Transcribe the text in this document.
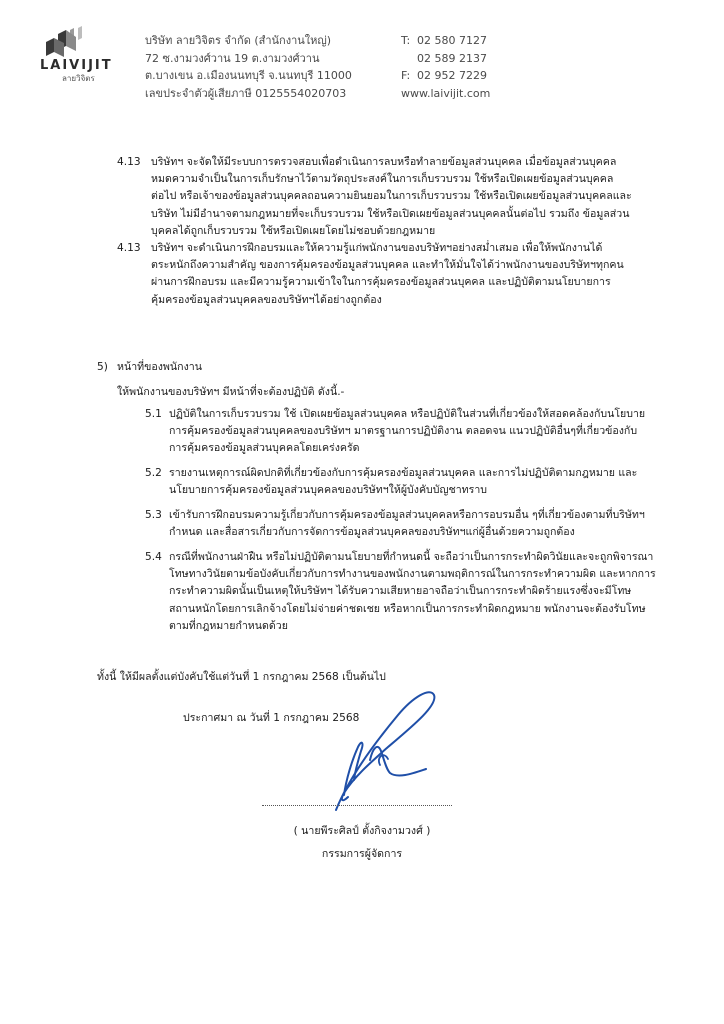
LAIVIJIT
ลายวิจิตร
บริษัท ลายวิจิตร จำกัด (สำนักงานใหญ่)
72 ซ.งามวงศ์วาน 19 ต.งามวงศ์วาน
ต.บางเขน อ.เมืองนนทบุรี จ.นนทบุรี 11000
เลขประจำตัวผู้เสียภาษี 0125554020703
T: 02 580 7127
02 589 2137
F: 02 952 7229
www.laivijit.com
4.13 บริษัทฯ จะจัดให้มีระบบการตรวจสอบเพื่อดำเนินการลบหรือทำลายข้อมูลส่วนบุคคล เมื่อข้อมูลส่วนบุคคล
หมดความจำเป็นในการเก็บรักษาไว้ตามวัตถุประสงค์ในการเก็บรวบรวม ใช้หรือเปิดเผยข้อมูลส่วนบุคคล
ต่อไป หรือเจ้าของข้อมูลส่วนบุคคลถอนความยินยอมในการเก็บรวบรวม ใช้หรือเปิดเผยข้อมูลส่วนบุคคลและ
บริษัท ไม่มีอำนาจตามกฎหมายที่จะเก็บรวบรวม ใช้หรือเปิดเผยข้อมูลส่วนบุคคลนั้นต่อไป รวมถึง ข้อมูลส่วน
บุคคลได้ถูกเก็บรวบรวม ใช้หรือเปิดเผยโดยไม่ชอบด้วยกฎหมาย
4.13 บริษัทฯ จะดำเนินการฝึกอบรมและให้ความรู้แก่พนักงานของบริษัทฯอย่างสม่ำเสมอ เพื่อให้พนักงานได้
ตระหนักถึงความสำคัญ ของการคุ้มครองข้อมูลส่วนบุคคล และทำให้มั่นใจได้ว่าพนักงานของบริษัทฯทุกคน
ผ่านการฝึกอบรม และมีความรู้ความเข้าใจในการคุ้มครองข้อมูลส่วนบุคคล และปฏิบัติตามนโยบายการ
คุ้มครองข้อมูลส่วนบุคคลของบริษัทฯได้อย่างถูกต้อง
5) หน้าที่ของพนักงาน
ให้พนักงานของบริษัทฯ มีหน้าที่จะต้องปฏิบัติ ดังนี้.-
5.1 ปฏิบัติในการเก็บรวบรวม ใช้ เปิดเผยข้อมูลส่วนบุคคล หรือปฏิบัติในส่วนที่เกี่ยวข้องให้สอดคล้องกับนโยบาย
การคุ้มครองข้อมูลส่วนบุคคลของบริษัทฯ มาตรฐานการปฏิบัติงาน ตลอดจน แนวปฏิบัติอื่นๆที่เกี่ยวข้องกับ
การคุ้มครองข้อมูลส่วนบุคคลโดยเคร่งครัด
5.2 รายงานเหตุการณ์ผิดปกติที่เกี่ยวข้องกับการคุ้มครองข้อมูลส่วนบุคคล และการไม่ปฏิบัติตามกฎหมาย และ
นโยบายการคุ้มครองข้อมูลส่วนบุคคลของบริษัทฯให้ผู้บังคับบัญชาทราบ
5.3 เข้ารับการฝึกอบรมความรู้เกี่ยวกับการคุ้มครองข้อมูลส่วนบุคคลหรือการอบรมอื่น ๆที่เกี่ยวข้องตามที่บริษัทฯ
กำหนด และสื่อสารเกี่ยวกับการจัดการข้อมูลส่วนบุคคลของบริษัทฯแก่ผู้อื่นด้วยความถูกต้อง
5.4 กรณีที่พนักงานฝ่าฝืน หรือไม่ปฏิบัติตามนโยบายที่กำหนดนี้ จะถือว่าเป็นการกระทำผิดวินัยและจะถูกพิจารณา
โทษทางวินัยตามข้อบังคับเกี่ยวกับการทำงานของพนักงานตามพฤติการณ์ในการกระทำความผิด และหากการ
กระทำความผิดนั้นเป็นเหตุให้บริษัทฯ ได้รับความเสียหายอาจถือว่าเป็นการกระทำผิดร้ายแรงซึ่งจะมีโทษ
สถานหนักโดยการเลิกจ้างโดยไม่จ่ายค่าชดเชย หรือหากเป็นการกระทำผิดกฎหมาย พนักงานจะต้องรับโทษ
ตามที่กฎหมายกำหนดด้วย
ทั้งนี้ ให้มีผลตั้งแต่บังคับใช้แต่วันที่ 1 กรกฎาคม 2568 เป็นต้นไป
ประกาศมา ณ วันที่ 1 กรกฎาคม 2568
( นายพีระศิลป์ ตั้งกิจงามวงศ์ )
กรรมการผู้จัดการ
